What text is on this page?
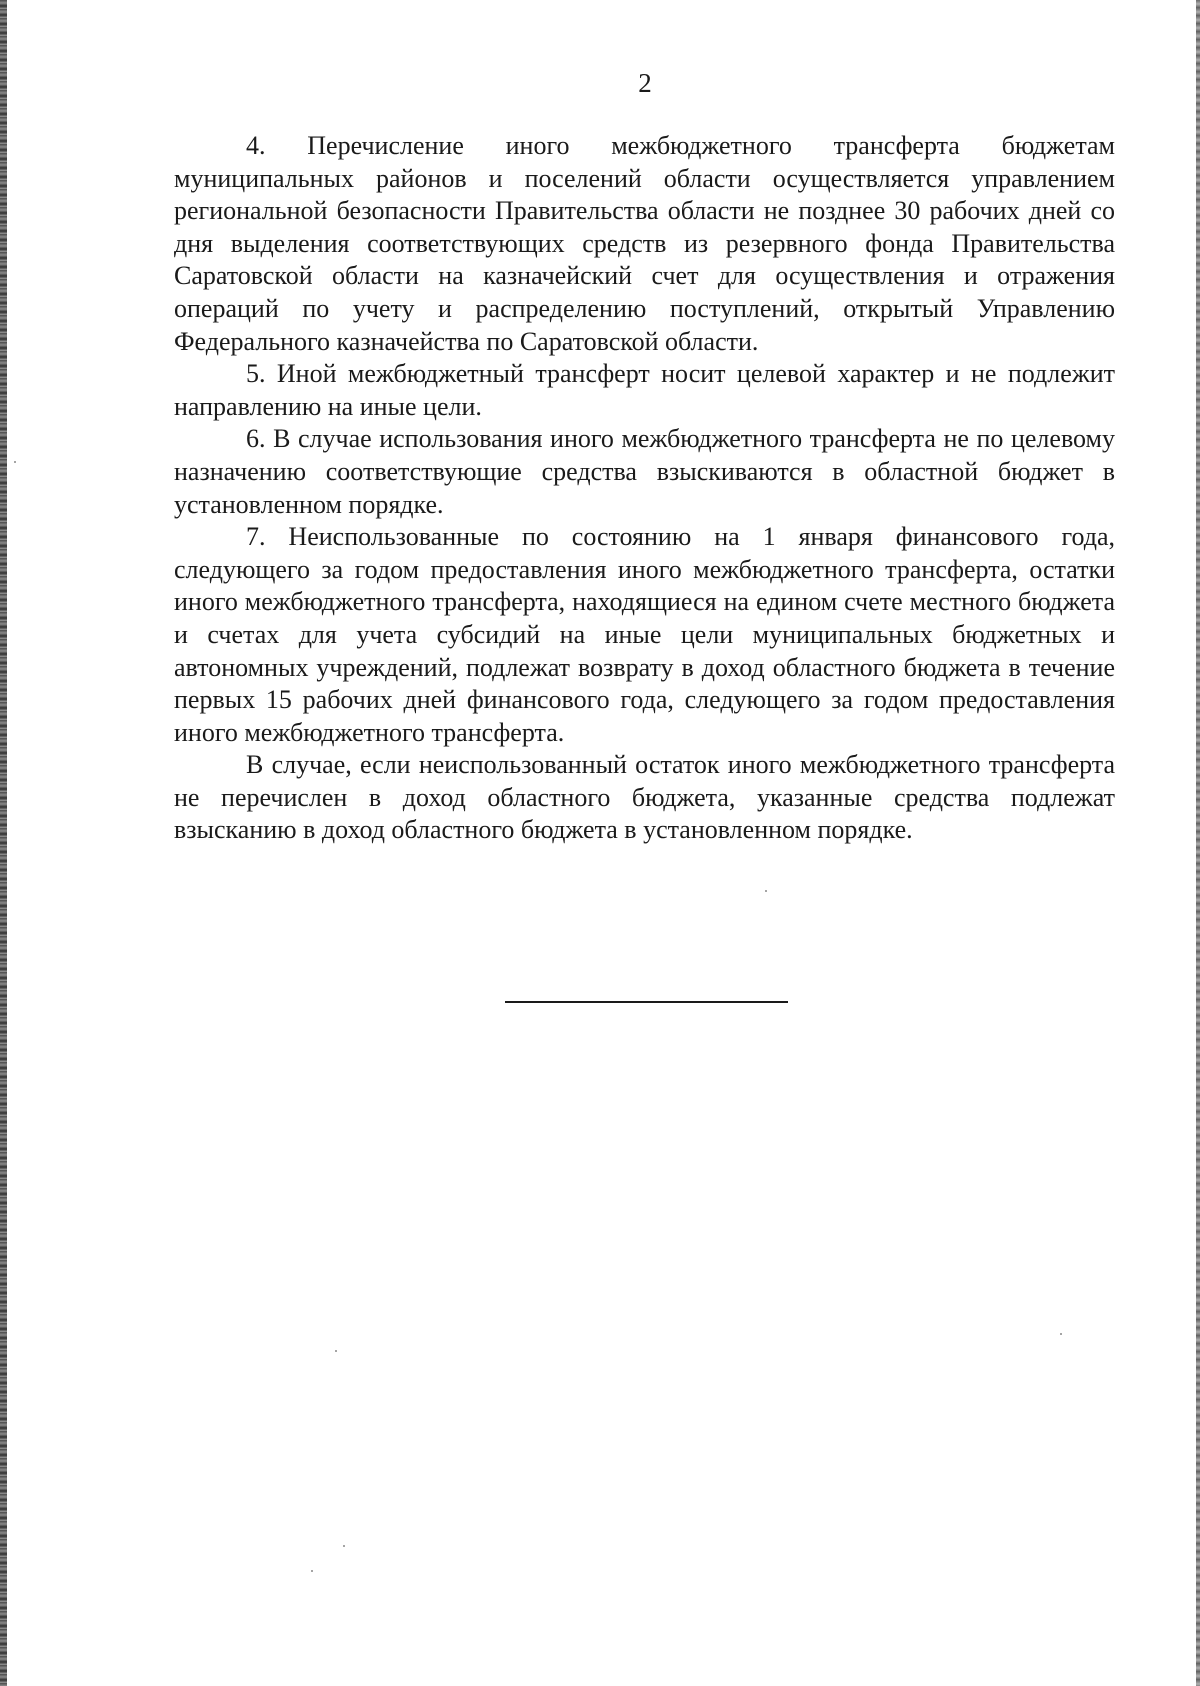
2

4. Перечисление иного межбюджетного трансферта бюджетам муниципальных районов и поселений области осуществляется управлением региональной безопасности Правительства области не позднее 30 рабочих дней со дня выделения соответствующих средств из резервного фонда Правительства Саратовской области на казначейский счет для осуществления и отражения операций по учету и распределению поступлений, открытый Управлению Федерального казначейства по Саратовской области.

5. Иной межбюджетный трансферт носит целевой характер и не подлежит направлению на иные цели.

6. В случае использования иного межбюджетного трансферта не по целевому назначению соответствующие средства взыскиваются в областной бюджет в установленном порядке.

7. Неиспользованные по состоянию на 1 января финансового года, следующего за годом предоставления иного межбюджетного трансферта, остатки иного межбюджетного трансферта, находящиеся на едином счете местного бюджета и счетах для учета субсидий на иные цели муниципальных бюджетных и автономных учреждений, подлежат возврату в доход областного бюджета в течение первых 15 рабочих дней финансового года, следующего за годом предоставления иного межбюджетного трансферта.

В случае, если неиспользованный остаток иного межбюджетного трансферта не перечислен в доход областного бюджета, указанные средства подлежат взысканию в доход областного бюджета в установленном порядке.
